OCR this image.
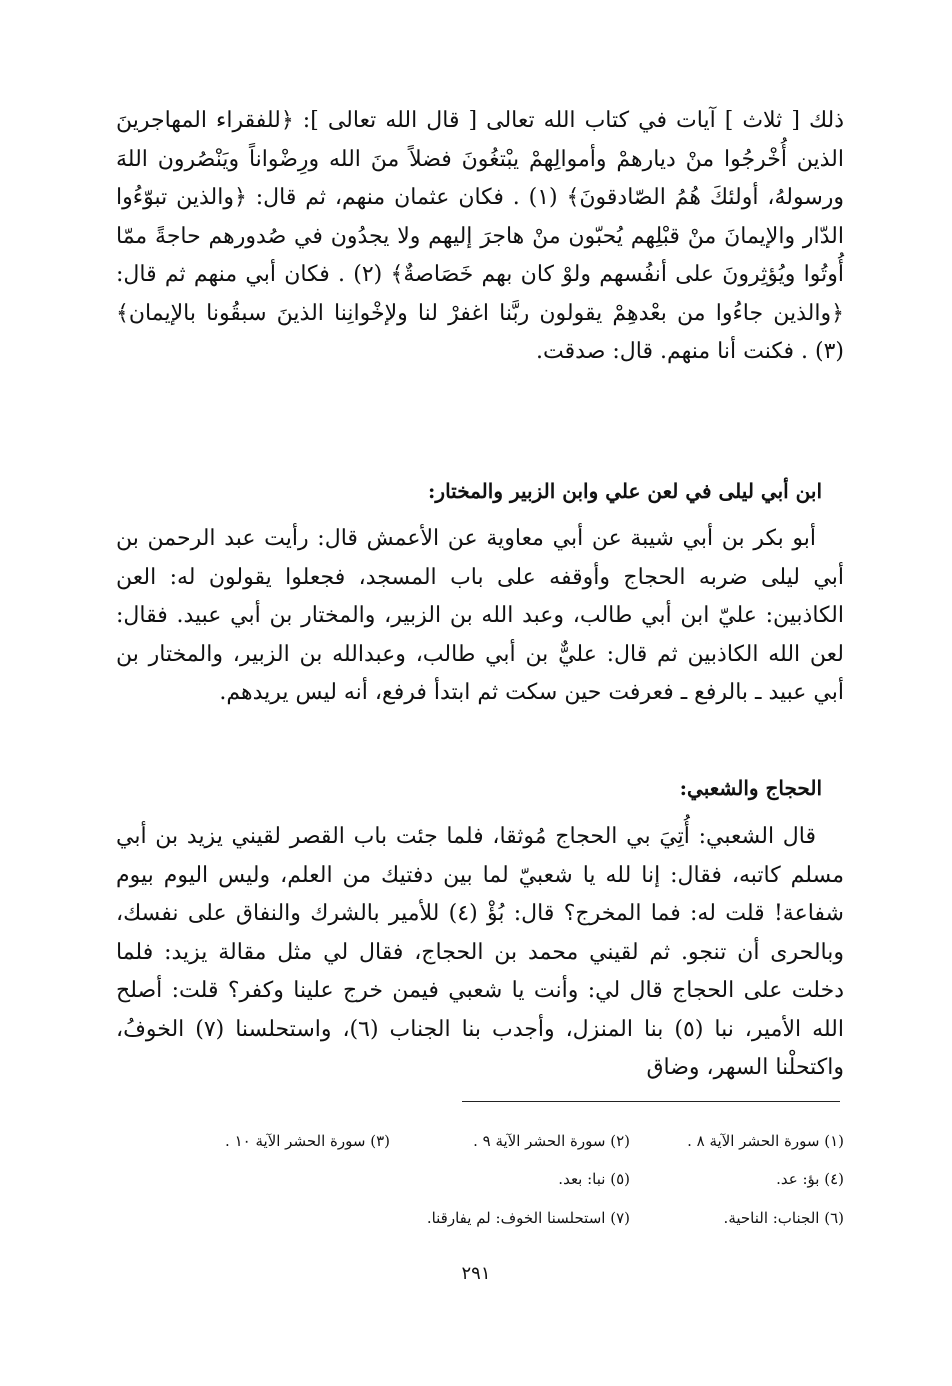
ذلك [ ثلاث ] آيات في كتاب الله تعالى [ قال الله تعالى ]: ﴿للفقراء المهاجرينَ الذين أُخْرجُوا منْ ديارهمْ وأموالِهمْ يبْتغُونَ فضلاً منَ الله ورِضْواناً ويَنْصُرون اللهَ ورسولهُ، أولئكَ هُمُ الصّادقونَ﴾ (١) . فكان عثمان منهم، ثم قال: ﴿والذين تبوّءُوا الدّار والإيمانَ منْ قبْلِهم يُحبّون منْ هاجرَ إليهم ولا يجدُون في صُدورهم حاجةً ممّا أُوتُوا ويُؤثِرونَ على أنفُسهم ولوْ كان بهم خَصَاصةٌ﴾ (٢) . فكان أبي منهم ثم قال: ﴿والذين جاءُوا من بعْدهِمْ يقولون ربَّنا اغفرْ لنا ولإخْوانِنا الذينَ سبقُونا بالإيمان﴾ (٣) . فكنت أنا منهم. قال: صدقت.

ابن أبي ليلى في لعن علي وابن الزبير والمختار:

أبو بكر بن أبي شيبة عن أبي معاوية عن الأعمش قال: رأيت عبد الرحمن بن أبي ليلى ضربه الحجاج وأوقفه على باب المسجد، فجعلوا يقولون له: العن الكاذبين: عليّ ابن أبي طالب، وعبد الله بن الزبير، والمختار بن أبي عبيد. فقال: لعن الله الكاذبين ثم قال: عليٌّ بن أبي طالب، وعبدالله بن الزبير، والمختار بن أبي عبيد ـ بالرفع ـ فعرفت حين سكت ثم ابتدأ فرفع، أنه ليس يريدهم.

الحجاج والشعبي:

قال الشعبي: أُتِيَ بي الحجاج مُوثقا، فلما جئت باب القصر لقيني يزيد بن أبي مسلم كاتبه، فقال: إنا لله يا شعبيّ لما بين دفتيك من العلم، وليس اليوم بيوم شفاعة! قلت له: فما المخرج؟ قال: بُؤْ (٤) للأمير بالشرك والنفاق على نفسك، وبالحرى أن تنجو. ثم لقيني محمد بن الحجاج، فقال لي مثل مقالة يزيد: فلما دخلت على الحجاج قال لي: وأنت يا شعبي فيمن خرج علينا وكفر؟ قلت: أصلح الله الأمير، نبا (٥) بنا المنزل، وأجدب بنا الجناب (٦)، واستحلسنا (٧) الخوفُ، واكتحلْنا السهر، وضاق

(١) سورة الحشر الآية ٨ .
(٢) سورة الحشر الآية ٩ .
(٣) سورة الحشر الآية ١٠ .
(٤) بؤ: عد.
(٥) نبا: بعد.
(٦) الجناب: الناحية.
(٧) استحلسنا الخوف: لم يفارقنا.
٢٩١
